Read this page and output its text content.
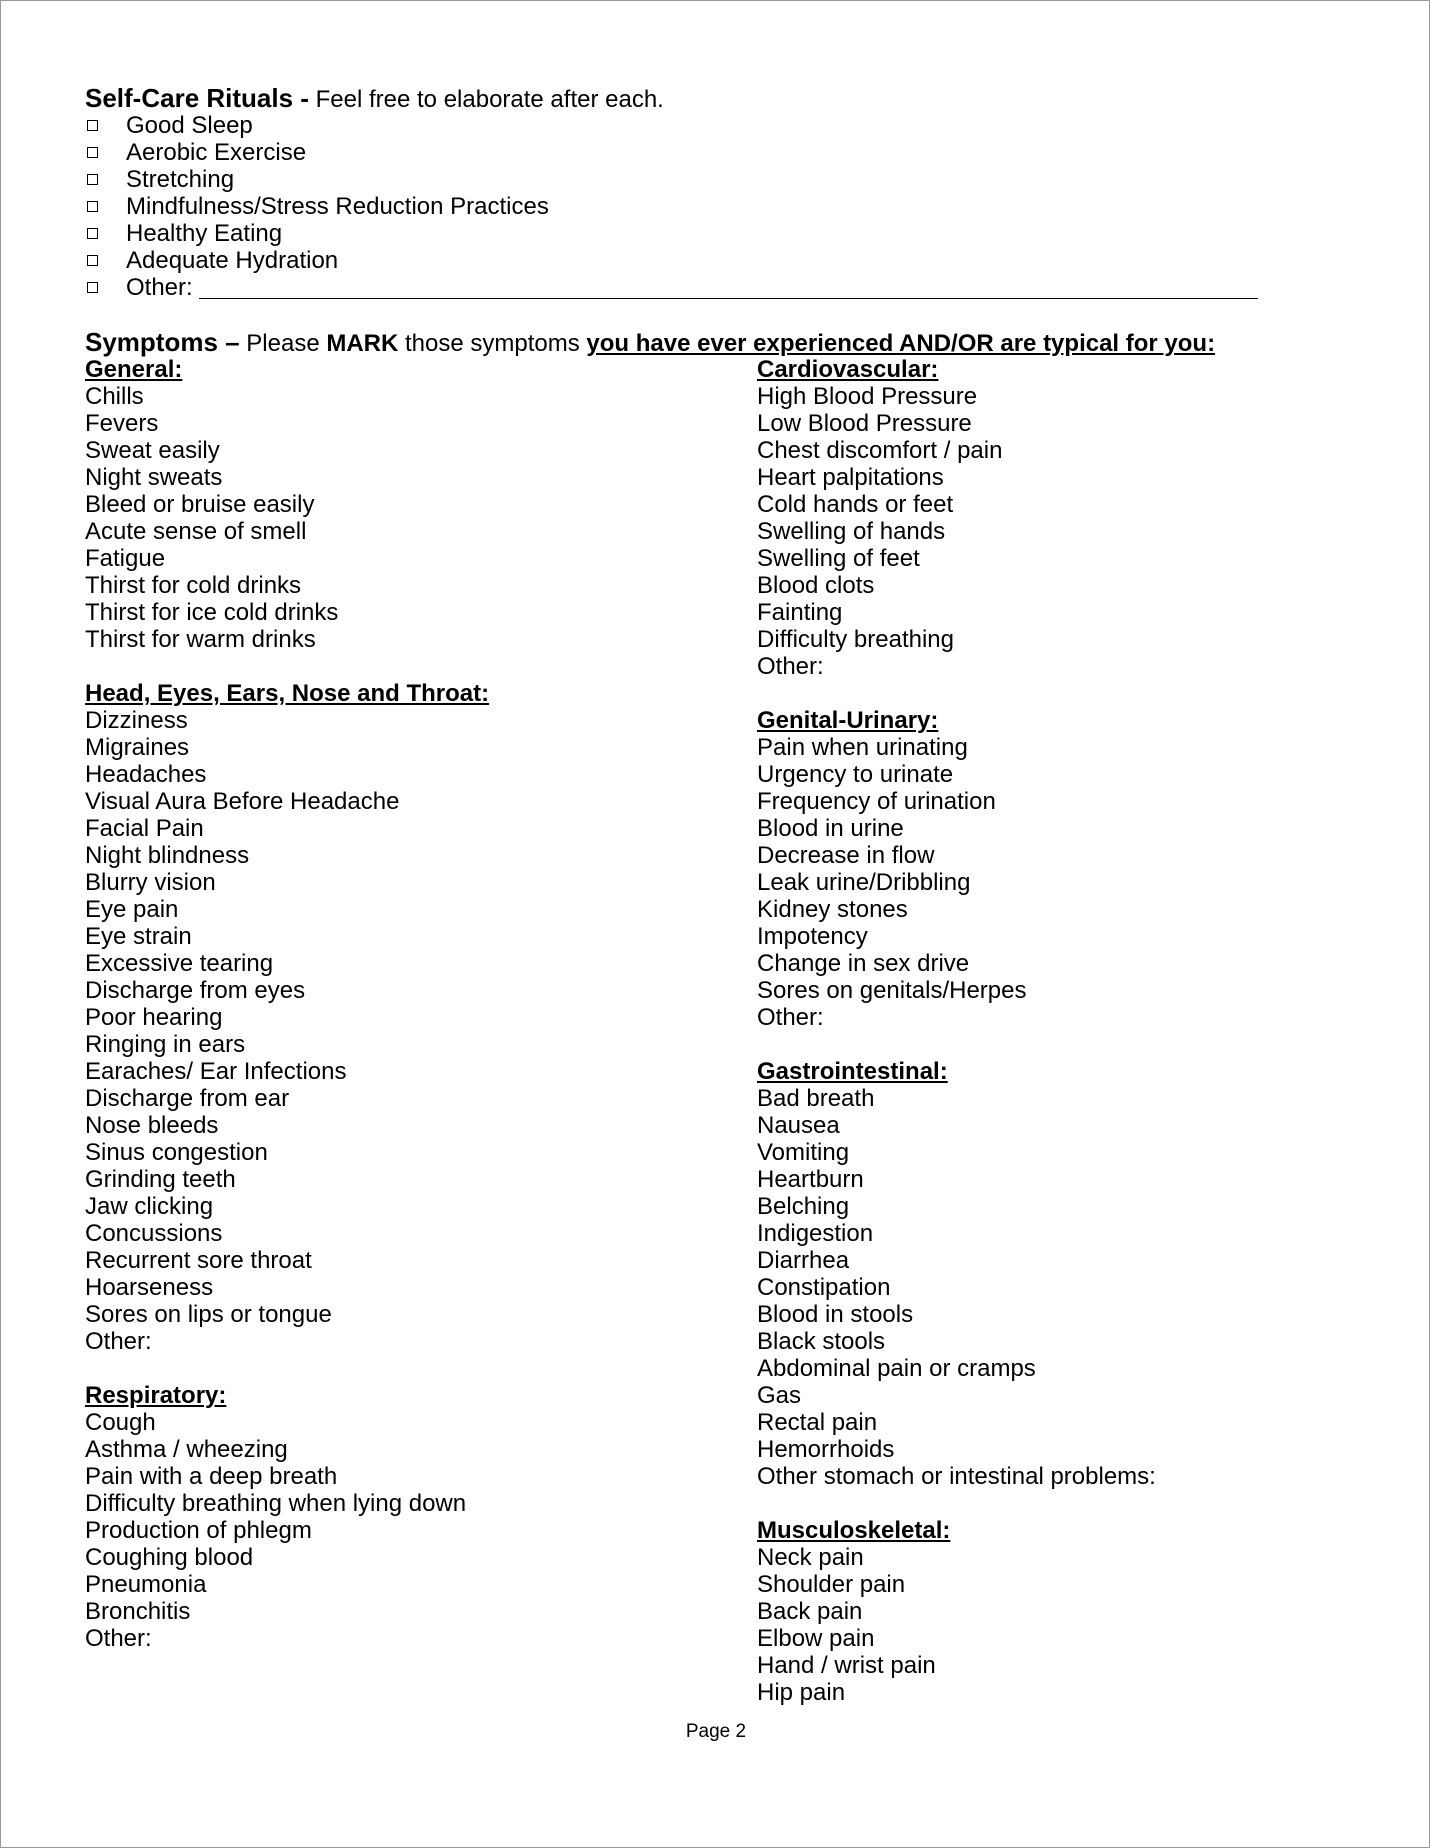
Self-Care Rituals - Feel free to elaborate after each.
Good Sleep
Aerobic Exercise
Stretching
Mindfulness/Stress Reduction Practices
Healthy Eating
Adequate Hydration
Other:
Symptoms – Please MARK those symptoms you have ever experienced AND/OR are typical for you:
General:
Chills
Fevers
Sweat easily
Night sweats
Bleed or bruise easily
Acute sense of smell
Fatigue
Thirst for cold drinks
Thirst for ice cold drinks
Thirst for warm drinks
Head, Eyes, Ears, Nose and Throat:
Dizziness
Migraines
Headaches
Visual Aura Before Headache
Facial Pain
Night blindness
Blurry vision
Eye pain
Eye strain
Excessive tearing
Discharge from eyes
Poor hearing
Ringing in ears
Earaches/ Ear Infections
Discharge from ear
Nose bleeds
Sinus congestion
Grinding teeth
Jaw clicking
Concussions
Recurrent sore throat
Hoarseness
Sores on lips or tongue
Other:
Respiratory:
Cough
Asthma / wheezing
Pain with a deep breath
Difficulty breathing when lying down
Production of phlegm
Coughing blood
Pneumonia
Bronchitis
Other:
Cardiovascular:
High Blood Pressure
Low Blood Pressure
Chest discomfort / pain
Heart palpitations
Cold hands or feet
Swelling of hands
Swelling of feet
Blood clots
Fainting
Difficulty breathing
Other:
Genital-Urinary:
Pain when urinating
Urgency to urinate
Frequency of urination
Blood in urine
Decrease in flow
Leak urine/Dribbling
Kidney stones
Impotency
Change in sex drive
Sores on genitals/Herpes
Other:
Gastrointestinal:
Bad breath
Nausea
Vomiting
Heartburn
Belching
Indigestion
Diarrhea
Constipation
Blood in stools
Black stools
Abdominal pain or cramps
Gas
Rectal pain
Hemorrhoids
Other stomach or intestinal problems:
Musculoskeletal:
Neck pain
Shoulder pain
Back pain
Elbow pain
Hand / wrist pain
Hip pain
Page 2
